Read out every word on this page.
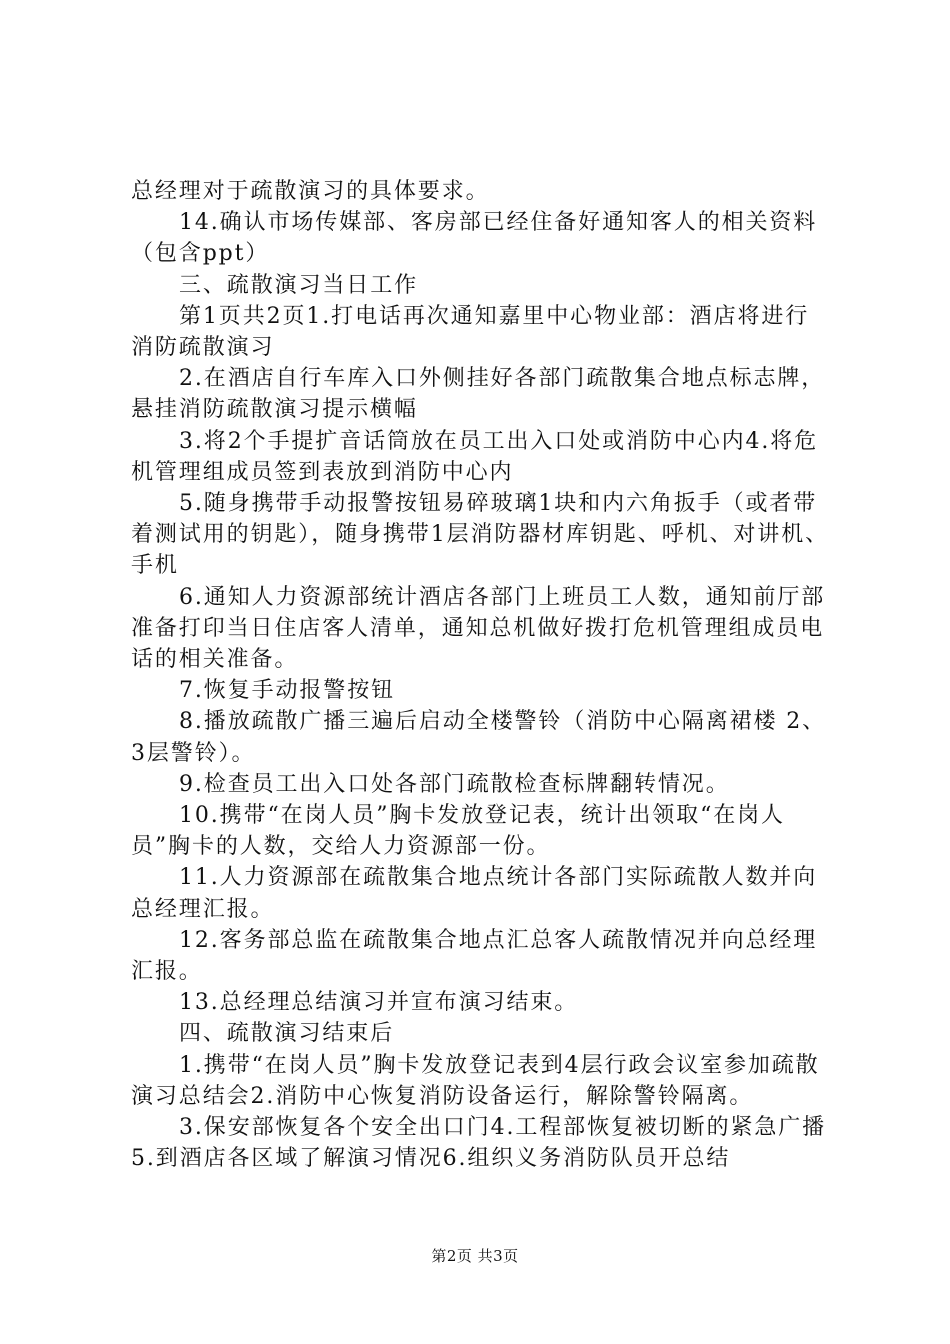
总经理对于疏散演习的具体要求。

14.确认市场传媒部、客房部已经住备好通知客人的相关资料（包含ppt）

三、疏散演习当日工作

第1页共2页1.打电话再次通知嘉里中心物业部：酒店将进行消防疏散演习

2.在酒店自行车库入口外侧挂好各部门疏散集合地点标志牌，悬挂消防疏散演习提示横幅

3.将2个手提扩音话筒放在员工出入口处或消防中心内4.将危机管理组成员签到表放到消防中心内

5.随身携带手动报警按钮易碎玻璃1块和内六角扳手（或者带着测试用的钥匙），随身携带1层消防器材库钥匙、呼机、对讲机、手机

6.通知人力资源部统计酒店各部门上班员工人数，通知前厅部准备打印当日住店客人清单，通知总机做好拨打危机管理组成员电话的相关准备。

7.恢复手动报警按钮

8.播放疏散广播三遍后启动全楼警铃（消防中心隔离裙楼 2、3层警铃）。

9.检查员工出入口处各部门疏散检查标牌翻转情况。

10.携带“在岗人员”胸卡发放登记表，统计出领取“在岗人员”胸卡的人数，交给人力资源部一份。

11.人力资源部在疏散集合地点统计各部门实际疏散人数并向总经理汇报。

12.客务部总监在疏散集合地点汇总客人疏散情况并向总经理汇报。

13.总经理总结演习并宣布演习结束。

四、疏散演习结束后

1.携带“在岗人员”胸卡发放登记表到4层行政会议室参加疏散演习总结会2.消防中心恢复消防设备运行，解除警铃隔离。

3.保安部恢复各个安全出口门4.工程部恢复被切断的紧急广播5.到酒店各区域了解演习情况6.组织义务消防队员开总结

第2页 共3页
